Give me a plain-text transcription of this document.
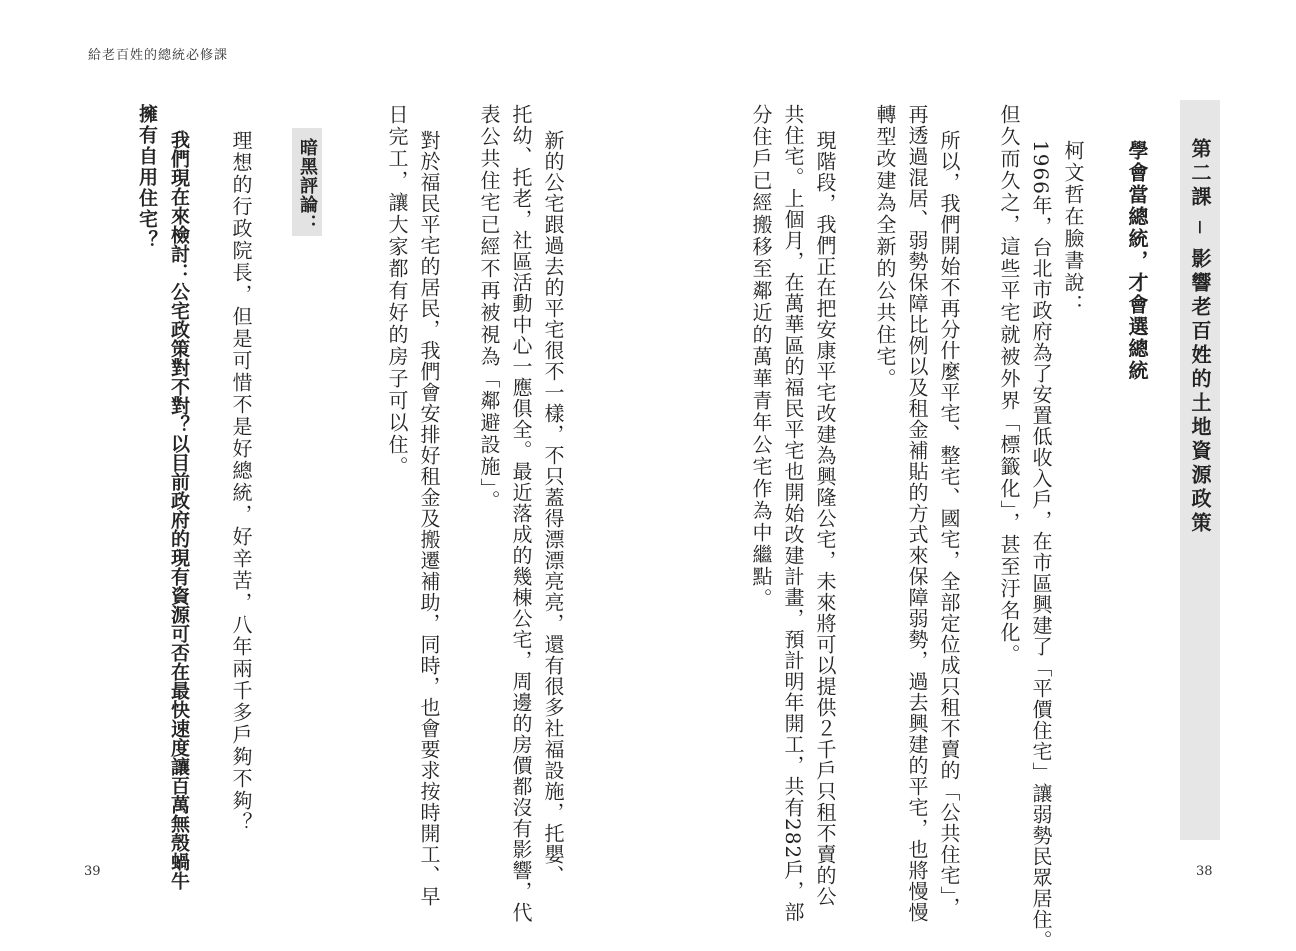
給老百姓的總統必修課
第二課 ─ 影響老百姓的土地資源政策
學會當總統，才會選總統
柯文哲在臉書說：
1966年，台北市政府為了安置低收入戶，在市區興建了「平價住宅」讓弱勢民眾居住。
但久而久之，這些平宅就被外界「標籤化」，甚至汙名化。
所以，我們開始不再分什麼平宅、整宅、國宅，全部定位成只租不賣的「公共住宅」，
再透過混居、弱勢保障比例以及租金補貼的方式來保障弱勢，過去興建的平宅，也將慢慢
轉型改建為全新的公共住宅。
現階段，我們正在把安康平宅改建為興隆公宅，未來將可以提供２千戶只租不賣的公
共住宅。上個月，在萬華區的福民平宅也開始改建計畫，預計明年開工，共有282戶，部
分住戶已經搬移至鄰近的萬華青年公宅作為中繼點。
新的公宅跟過去的平宅很不一樣，不只蓋得漂漂亮亮，還有很多社福設施，托嬰、
托幼、托老，社區活動中心一應俱全。最近落成的幾棟公宅，周邊的房價都沒有影響，代
表公共住宅已經不再被視為「鄰避設施」。
對於福民平宅的居民，我們會安排好租金及搬遷補助，同時，也會要求按時開工、早
日完工，讓大家都有好的房子可以住。
暗黑評論：
理想的行政院長，但是可惜不是好總統，好辛苦，八年兩千多戶夠不夠？
我們現在來檢討：公宅政策對不對？以目前政府的現有資源可否在最快速度讓百萬無殼蝸牛
擁有自用住宅？
39	38
